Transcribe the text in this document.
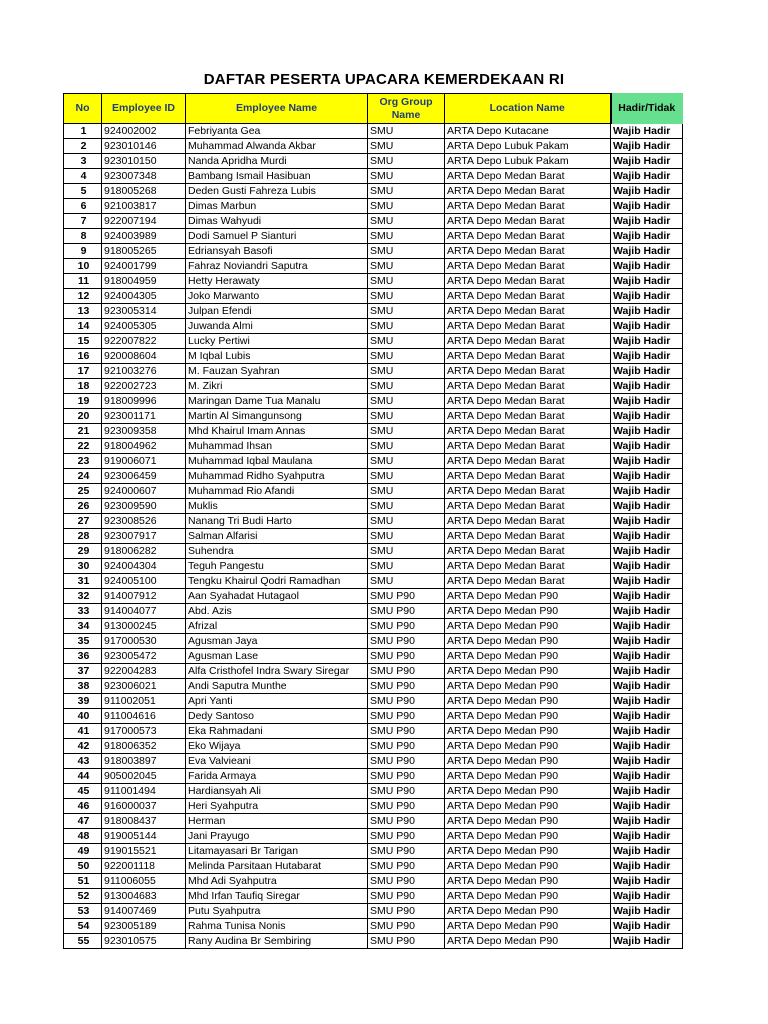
DAFTAR PESERTA UPACARA KEMERDEKAAN RI
No	Employee ID	Employee Name	Org Group Name	Location Name	Hadir/Tidak
1	924002002	Febriyanta Gea	SMU	ARTA Depo Kutacane	Wajib Hadir
2	923010146	Muhammad Alwanda Akbar	SMU	ARTA Depo Lubuk Pakam	Wajib Hadir
3	923010150	Nanda Apridha Murdi	SMU	ARTA Depo Lubuk Pakam	Wajib Hadir
4	923007348	Bambang Ismail Hasibuan	SMU	ARTA Depo Medan Barat	Wajib Hadir
5	918005268	Deden Gusti Fahreza Lubis	SMU	ARTA Depo Medan Barat	Wajib Hadir
6	921003817	Dimas Marbun	SMU	ARTA Depo Medan Barat	Wajib Hadir
7	922007194	Dimas Wahyudi	SMU	ARTA Depo Medan Barat	Wajib Hadir
8	924003989	Dodi Samuel P Sianturi	SMU	ARTA Depo Medan Barat	Wajib Hadir
9	918005265	Edriansyah Basofi	SMU	ARTA Depo Medan Barat	Wajib Hadir
10	924001799	Fahraz Noviandri Saputra	SMU	ARTA Depo Medan Barat	Wajib Hadir
11	918004959	Hetty Herawaty	SMU	ARTA Depo Medan Barat	Wajib Hadir
12	924004305	Joko Marwanto	SMU	ARTA Depo Medan Barat	Wajib Hadir
13	923005314	Julpan Efendi	SMU	ARTA Depo Medan Barat	Wajib Hadir
14	924005305	Juwanda Almi	SMU	ARTA Depo Medan Barat	Wajib Hadir
15	922007822	Lucky Pertiwi	SMU	ARTA Depo Medan Barat	Wajib Hadir
16	920008604	M Iqbal Lubis	SMU	ARTA Depo Medan Barat	Wajib Hadir
17	921003276	M. Fauzan Syahran	SMU	ARTA Depo Medan Barat	Wajib Hadir
18	922002723	M. Zikri	SMU	ARTA Depo Medan Barat	Wajib Hadir
19	918009996	Maringan Dame Tua Manalu	SMU	ARTA Depo Medan Barat	Wajib Hadir
20	923001171	Martin Al Simangunsong	SMU	ARTA Depo Medan Barat	Wajib Hadir
21	923009358	Mhd Khairul Imam Annas	SMU	ARTA Depo Medan Barat	Wajib Hadir
22	918004962	Muhammad Ihsan	SMU	ARTA Depo Medan Barat	Wajib Hadir
23	919006071	Muhammad Iqbal Maulana	SMU	ARTA Depo Medan Barat	Wajib Hadir
24	923006459	Muhammad Ridho Syahputra	SMU	ARTA Depo Medan Barat	Wajib Hadir
25	924000607	Muhammad Rio Afandi	SMU	ARTA Depo Medan Barat	Wajib Hadir
26	923009590	Muklis	SMU	ARTA Depo Medan Barat	Wajib Hadir
27	923008526	Nanang Tri Budi Harto	SMU	ARTA Depo Medan Barat	Wajib Hadir
28	923007917	Salman Alfarisi	SMU	ARTA Depo Medan Barat	Wajib Hadir
29	918006282	Suhendra	SMU	ARTA Depo Medan Barat	Wajib Hadir
30	924004304	Teguh Pangestu	SMU	ARTA Depo Medan Barat	Wajib Hadir
31	924005100	Tengku Khairul Qodri Ramadhan	SMU	ARTA Depo Medan Barat	Wajib Hadir
32	914007912	Aan Syahadat Hutagaol	SMU P90	ARTA Depo Medan P90	Wajib Hadir
33	914004077	Abd. Azis	SMU P90	ARTA Depo Medan P90	Wajib Hadir
34	913000245	Afrizal	SMU P90	ARTA Depo Medan P90	Wajib Hadir
35	917000530	Agusman Jaya	SMU P90	ARTA Depo Medan P90	Wajib Hadir
36	923005472	Agusman Lase	SMU P90	ARTA Depo Medan P90	Wajib Hadir
37	922004283	Alfa Cristhofel Indra Swary Siregar	SMU P90	ARTA Depo Medan P90	Wajib Hadir
38	923006021	Andi Saputra Munthe	SMU P90	ARTA Depo Medan P90	Wajib Hadir
39	911002051	Apri Yanti	SMU P90	ARTA Depo Medan P90	Wajib Hadir
40	911004616	Dedy Santoso	SMU P90	ARTA Depo Medan P90	Wajib Hadir
41	917000573	Eka Rahmadani	SMU P90	ARTA Depo Medan P90	Wajib Hadir
42	918006352	Eko Wijaya	SMU P90	ARTA Depo Medan P90	Wajib Hadir
43	918003897	Eva Valvieani	SMU P90	ARTA Depo Medan P90	Wajib Hadir
44	905002045	Farida Armaya	SMU P90	ARTA Depo Medan P90	Wajib Hadir
45	911001494	Hardiansyah Ali	SMU P90	ARTA Depo Medan P90	Wajib Hadir
46	916000037	Heri Syahputra	SMU P90	ARTA Depo Medan P90	Wajib Hadir
47	918008437	Herman	SMU P90	ARTA Depo Medan P90	Wajib Hadir
48	919005144	Jani Prayugo	SMU P90	ARTA Depo Medan P90	Wajib Hadir
49	919015521	Litamayasari Br Tarigan	SMU P90	ARTA Depo Medan P90	Wajib Hadir
50	922001118	Melinda Parsitaan Hutabarat	SMU P90	ARTA Depo Medan P90	Wajib Hadir
51	911006055	Mhd Adi Syahputra	SMU P90	ARTA Depo Medan P90	Wajib Hadir
52	913004683	Mhd Irfan Taufiq Siregar	SMU P90	ARTA Depo Medan P90	Wajib Hadir
53	914007469	Putu Syahputra	SMU P90	ARTA Depo Medan P90	Wajib Hadir
54	923005189	Rahma Tunisa Nonis	SMU P90	ARTA Depo Medan P90	Wajib Hadir
55	923010575	Rany Audina Br Sembiring	SMU P90	ARTA Depo Medan P90	Wajib Hadir
